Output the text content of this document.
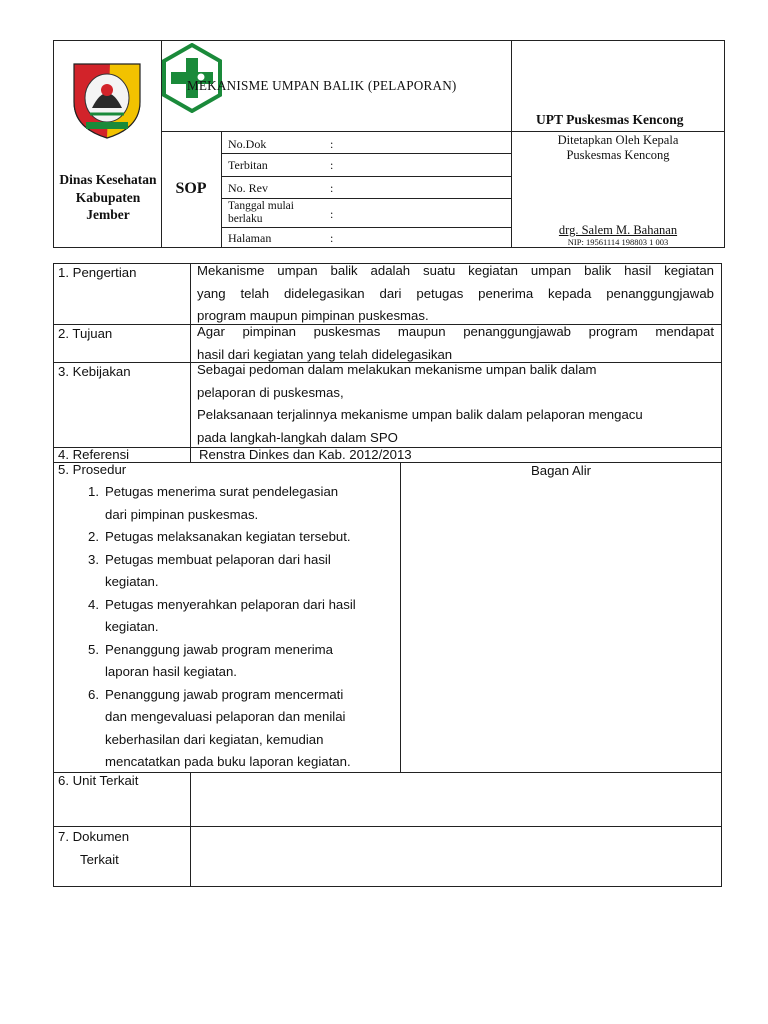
Dinas Kesehatan Kabupaten Jember
SOP
MEKANISME UMPAN BALIK (PELAPORAN)
UPT Puskesmas Kencong
No.Dok	:
Terbitan	:
No. Rev	:
Tanggal mulai berlaku	:
Halaman	:
Ditetapkan Oleh Kepala
Puskesmas Kencong
drg. Salem M. Bahanan
NIP: 19561114 198803 1 003
1. Pengertian	Mekanisme umpan balik adalah suatu kegiatan umpan balik hasil kegiatan
yang telah didelegasikan dari petugas penerima kepada penanggungjawab
program maupun pimpinan puskesmas.
2. Tujuan	Agar pimpinan puskesmas maupun penanggungjawab program mendapat
hasil dari kegiatan yang telah didelegasikan
3. Kebijakan	Sebagai pedoman dalam melakukan mekanisme umpan balik dalam
pelaporan di puskesmas,
Pelaksanaan terjalinnya mekanisme umpan balik dalam pelaporan mengacu
pada langkah-langkah dalam SPO
4. Referensi	Renstra Dinkes dan Kab. 2012/2013
5. Prosedur	Bagan Alir
1. Petugas menerima surat pendelegasian
dari pimpinan puskesmas.
2. Petugas melaksanakan kegiatan tersebut.
3. Petugas membuat pelaporan dari hasil
kegiatan.
4. Petugas menyerahkan pelaporan dari hasil
kegiatan.
5. Penanggung jawab program menerima
laporan hasil kegiatan.
6. Penanggung jawab program mencermati
dan mengevaluasi pelaporan dan menilai
keberhasilan dari kegiatan, kemudian
mencatatkan pada buku laporan kegiatan.
6. Unit Terkait
7. Dokumen
Terkait
